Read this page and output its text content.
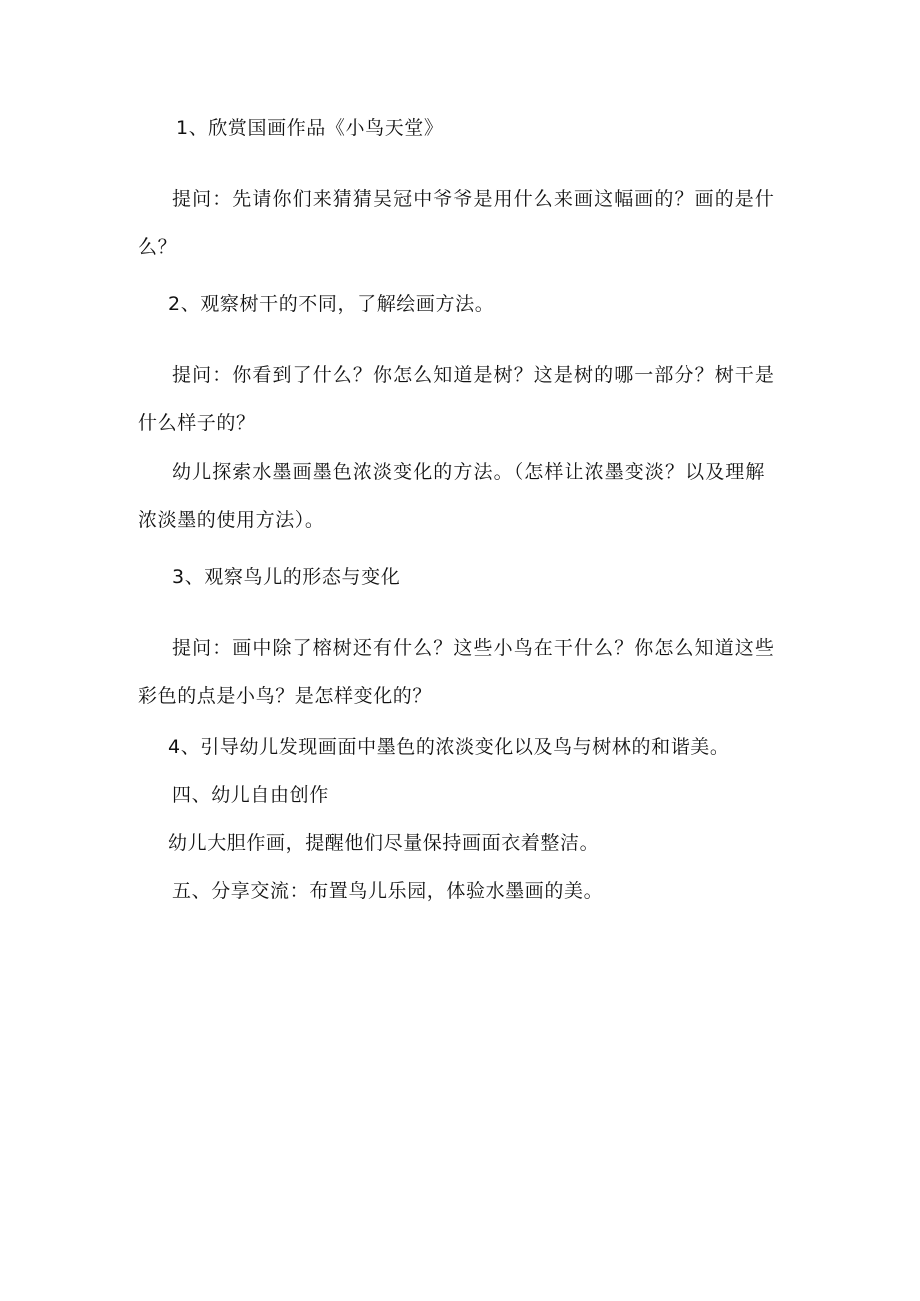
1、欣赏国画作品《小鸟天堂》
提问：先请你们来猜猜吴冠中爷爷是用什么来画这幅画的？画的是什
么？
2、观察树干的不同，了解绘画方法。
提问：你看到了什么？你怎么知道是树？这是树的哪一部分？树干是
什么样子的？
幼儿探索水墨画墨色浓淡变化的方法。（怎样让浓墨变淡？以及理解
浓淡墨的使用方法）。
3、观察鸟儿的形态与变化
提问：画中除了榕树还有什么？这些小鸟在干什么？你怎么知道这些
彩色的点是小鸟？是怎样变化的？
4、引导幼儿发现画面中墨色的浓淡变化以及鸟与树林的和谐美。
四、幼儿自由创作
幼儿大胆作画，提醒他们尽量保持画面衣着整洁。
五、分享交流：布置鸟儿乐园，体验水墨画的美。
